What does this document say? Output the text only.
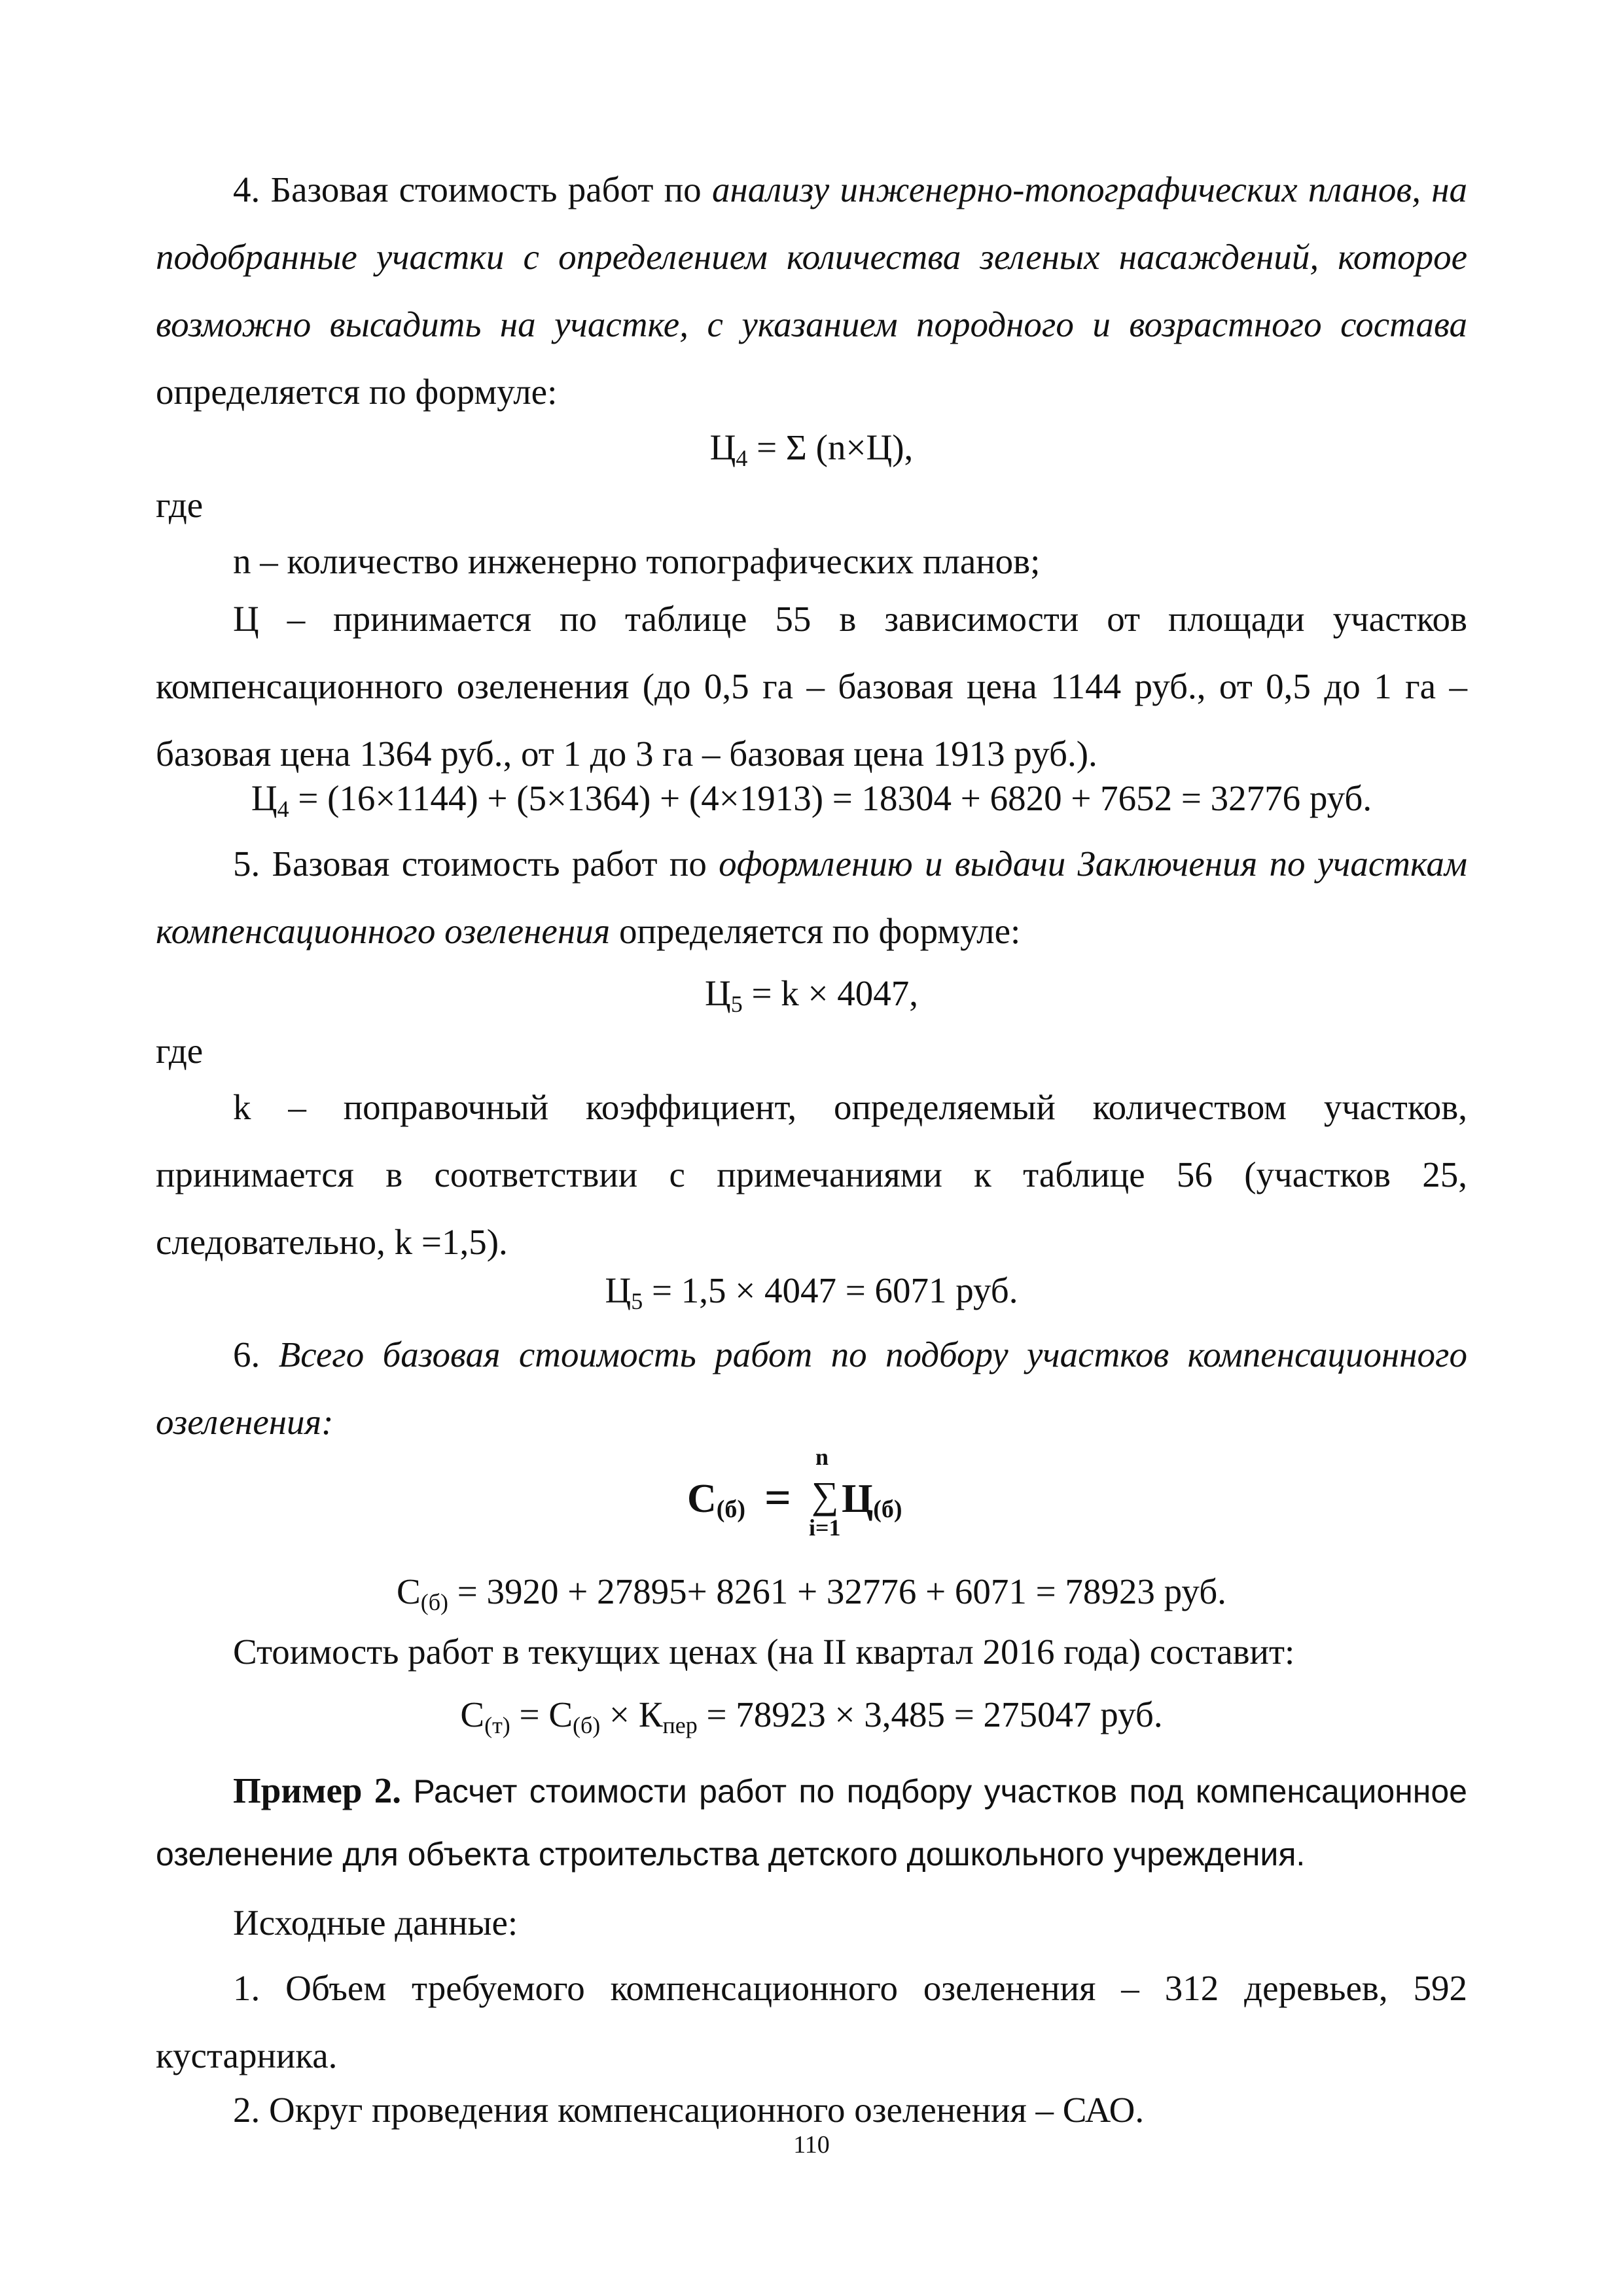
4. Базовая стоимость работ по анализу инженерно-топографических планов, на подобранные участки с определением количества зеленых насаждений, которое возможно высадить на участке, с указанием породного и возрастного состава определяется по формуле:

$Ц_4 = \Sigma$ (n×Ц),

где

n – количество инженерно топографических планов;

Ц – принимается по таблице 55 в зависимости от площади участков компенсационного озеленения (до 0,5 га – базовая цена 1144 руб., от 0,5 до 1 га – базовая цена 1364 руб., от 1 до 3 га – базовая цена 1913 руб.).

$Ц_4 = (16\times 1144) + (5\times 1364) + (4\times 1913) = 18304 + 6820 + 7652 = 32776$ руб.

5. Базовая стоимость работ по оформлению и выдачи Заключения по участкам компенсационного озеленения определяется по формуле:

$Ц_5 = k \times 4047$,

где

k – поправочный коэффициент, определяемый количеством участков, принимается в соответствии с примечаниями к таблице 56 (участков 25, следовательно, k =1,5).

$Ц_5 = 1,5 \times 4047 = 6071$ руб.

6. Всего базовая стоимость работ по подбору участков компенсационного озеленения:

$С_{(б)}$ =
n
∑
i=1
$Ц_{(б)}$

$С_{(б)} = 3920 + 27895+ 8261 + 32776 + 6071 = 78923$ руб.

Стоимость работ в текущих ценах (на II квартал 2016 года) составит:

$С_{(т)} = С_{(б)} \times К_{пер} = 78923 \times 3,485 = 275047$ руб.

Пример 2. Расчет стоимости работ по подбору участков под компенсационное озеленение для объекта строительства детского дошкольного учреждения.

Исходные данные:

1. Объем требуемого компенсационного озеленения – 312 деревьев, 592 кустарника.

2. Округ проведения компенсационного озеленения – САО.

110
